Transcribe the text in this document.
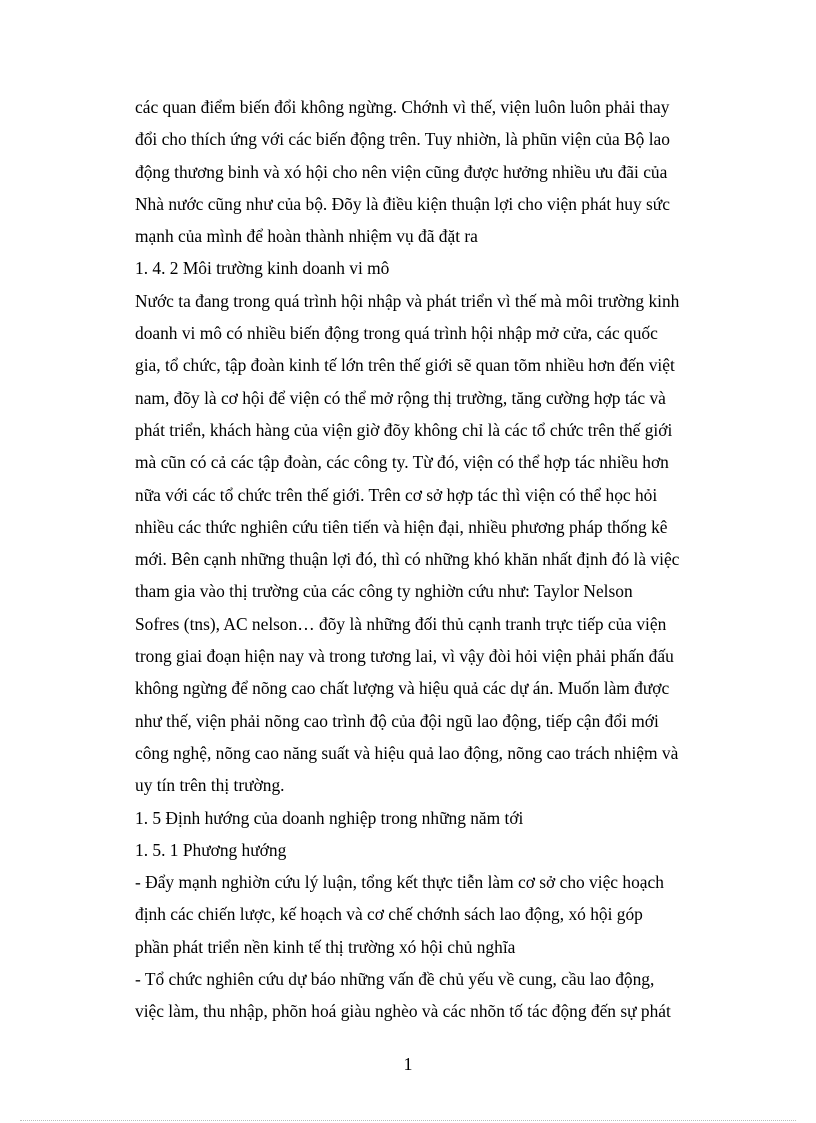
các quan điểm biến đổi không ngừng. Chớnh vì thế, viện luôn luôn phải thay
đổi cho thích ứng với các biến động trên. Tuy nhiờn, là phũn viện của Bộ lao
động thương binh và xó hội cho nên viện cũng được hưởng nhiều ưu đãi của
Nhà nước cũng như của bộ. Đõy là điều kiện thuận lợi cho viện phát huy sức
mạnh của mình để hoàn thành nhiệm vụ đã đặt ra
1. 4. 2 Môi trường kinh doanh vi mô
Nước ta đang trong quá trình hội nhập và phát triển vì thế mà môi trường kinh
doanh vi mô có nhiều biến động trong quá trình hội nhập mở cửa, các quốc
gia, tổ chức, tập đoàn kinh tế lớn trên thế giới sẽ quan tõm nhiều hơn đến việt
nam, đõy là cơ hội để viện có thể mở rộng thị trường, tăng cường hợp tác và
phát triển, khách hàng của viện giờ đõy không chỉ là các tổ chức trên thế giới
mà cũn có cả các tập đoàn, các công ty. Từ đó, viện có thể hợp tác nhiều hơn
nữa với các tổ chức trên thế giới. Trên cơ sở hợp tác thì viện có thể học hỏi
nhiều các thức nghiên cứu tiên tiến và hiện đại, nhiều phương pháp thống kê
mới. Bên cạnh những thuận lợi đó, thì có những khó khăn nhất định đó là việc
tham gia vào thị trường của các công ty nghiờn cứu như: Taylor Nelson
Sofres (tns), AC nelson… đõy là những đối thủ cạnh tranh trực tiếp của viện
trong giai đoạn hiện nay và trong tương lai, vì vậy đòi hỏi viện phải phấn đấu
không ngừng để nõng cao chất lượng và hiệu quả các dự án. Muốn làm được
như thế, viện phải nõng cao trình độ của đội ngũ lao động, tiếp cận đổi mới
công nghệ, nõng cao năng suất và hiệu quả lao động, nõng cao trách nhiệm và
uy tín trên thị trường.
1. 5 Định hướng của doanh nghiệp trong những năm tới
1. 5. 1 Phương hướng
- Đẩy mạnh nghiờn cứu lý luận, tổng kết thực tiễn làm cơ sở cho việc hoạch
định các chiến lược, kế hoạch và cơ chế chớnh sách lao động, xó hội góp
phần phát triển nền kinh tế thị trường xó hội chủ nghĩa
- Tổ chức nghiên cứu dự báo những vấn đề chủ yếu về cung, cầu lao động,
việc làm, thu nhập, phõn hoá giàu nghèo và các nhõn tố tác động đến sự phát
1
